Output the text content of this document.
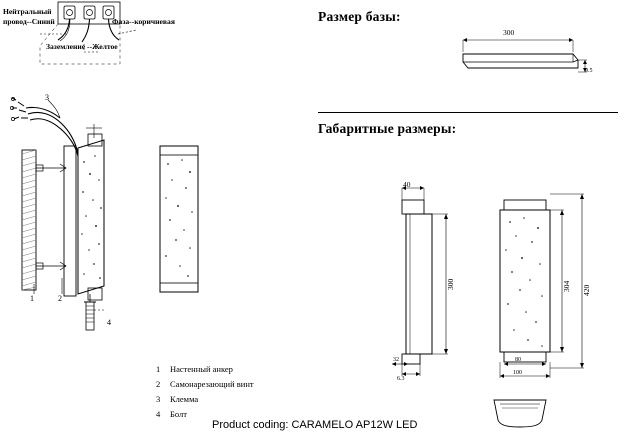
Размер базы:
Габаритные размеры:
Нейтральный
провод--Синий	Фаза--коричневая
Заземление --Желтое
3
1	2
4
1 Настенный анкер
2 Самонарезающий винт
3 Клемма
4 Болт
Product coding: CARAMELO AP12W LED
300
9.5
40
300
32
6.3
304 420
80
100
